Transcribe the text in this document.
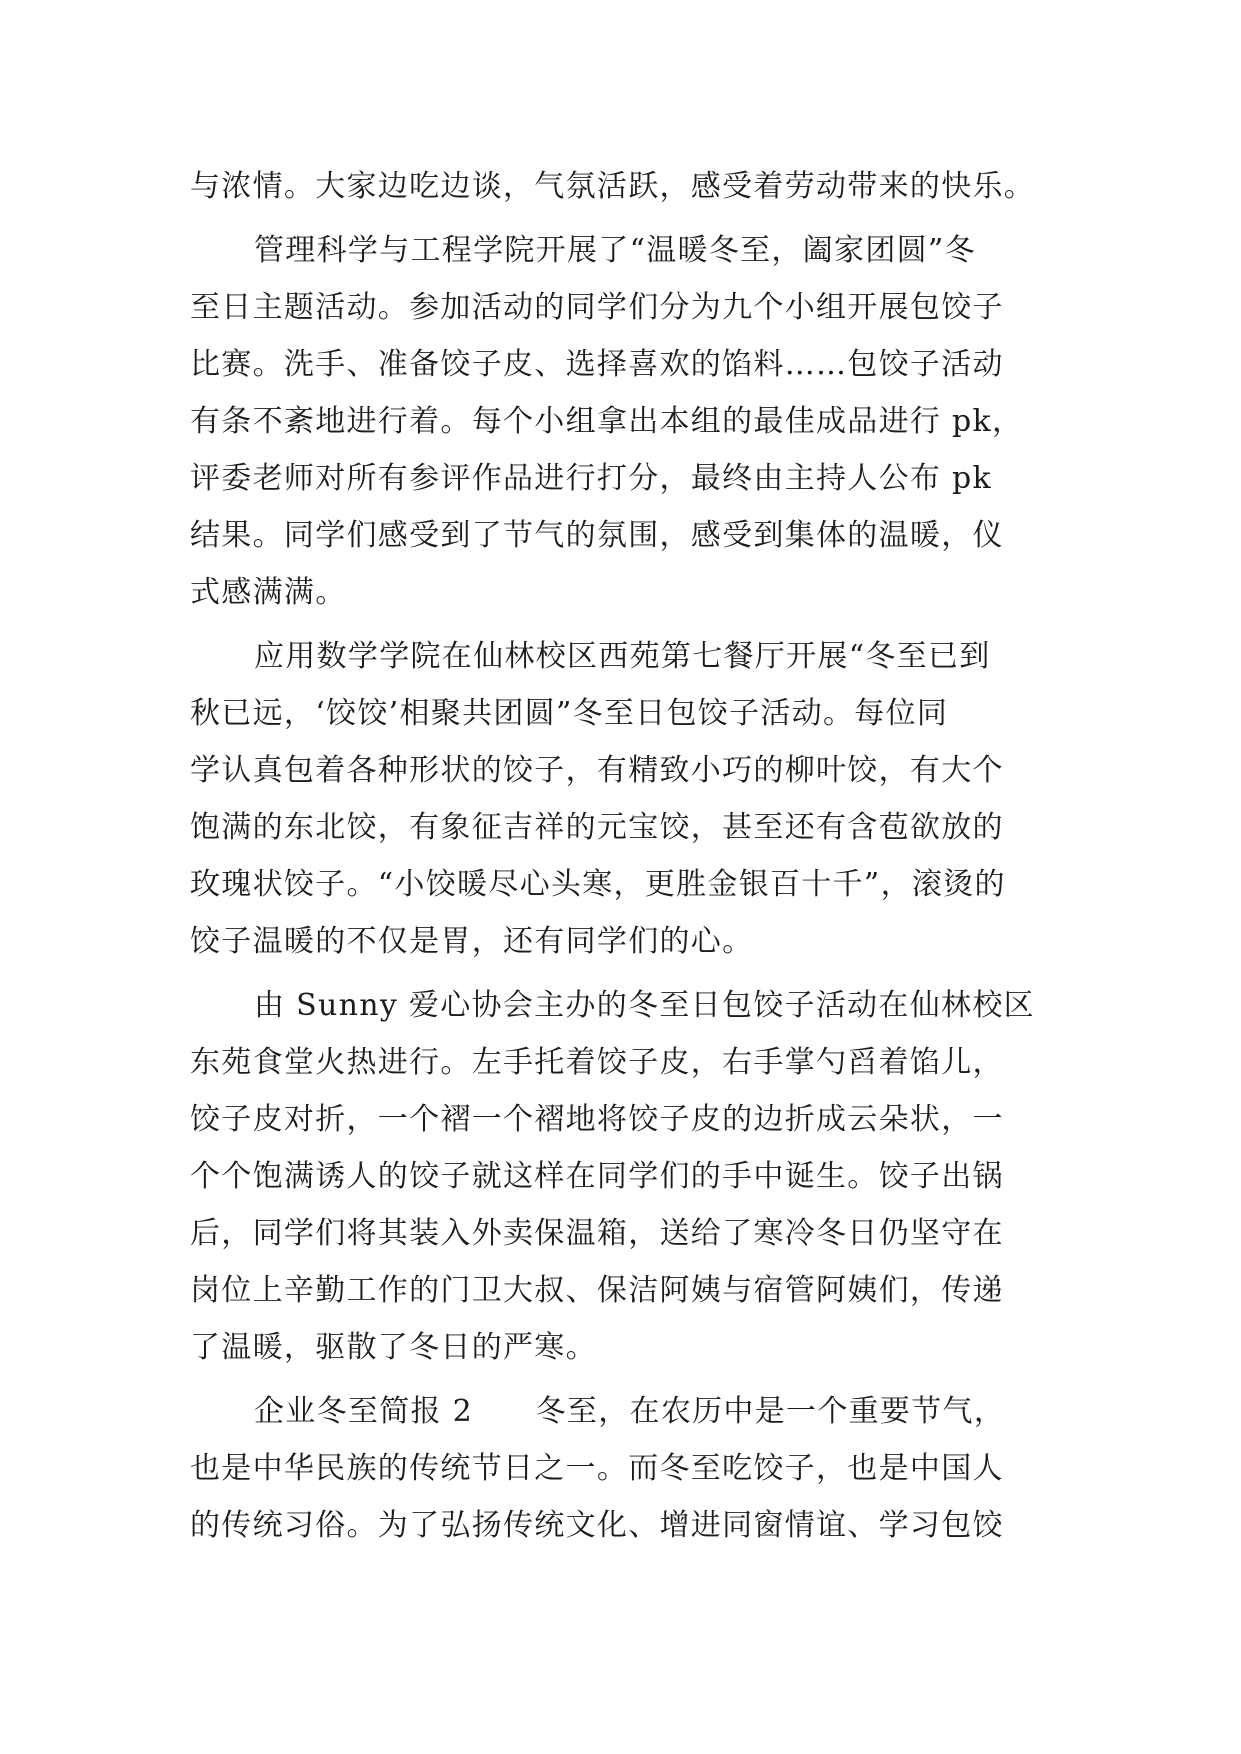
与浓情。大家边吃边谈，气氛活跃，感受着劳动带来的快乐。
管理科学与工程学院开展了“温暖冬至，阖家团圆”冬
至日主题活动。参加活动的同学们分为九个小组开展包饺子
比赛。洗手、准备饺子皮、选择喜欢的馅料……包饺子活动
有条不紊地进行着。每个小组拿出本组的最佳成品进行 pk，
评委老师对所有参评作品进行打分，最终由主持人公布 pk
结果。同学们感受到了节气的氛围，感受到集体的温暖，仪
式感满满。
应用数学学院在仙林校区西苑第七餐厅开展“冬至已到
秋已远，‘饺饺’相聚共团圆”冬至日包饺子活动。每位同
学认真包着各种形状的饺子，有精致小巧的柳叶饺，有大个
饱满的东北饺，有象征吉祥的元宝饺，甚至还有含苞欲放的
玫瑰状饺子。“小饺暖尽心头寒，更胜金银百十千”，滚烫的
饺子温暖的不仅是胃，还有同学们的心。
由 Sunny 爱心协会主办的冬至日包饺子活动在仙林校区
东苑食堂火热进行。左手托着饺子皮，右手掌勺舀着馅儿，
饺子皮对折，一个褶一个褶地将饺子皮的边折成云朵状，一
个个饱满诱人的饺子就这样在同学们的手中诞生。饺子出锅
后，同学们将其装入外卖保温箱，送给了寒冷冬日仍坚守在
岗位上辛勤工作的门卫大叔、保洁阿姨与宿管阿姨们，传递
了温暖，驱散了冬日的严寒。
企业冬至简报 2　　冬至，在农历中是一个重要节气，
也是中华民族的传统节日之一。而冬至吃饺子，也是中国人
的传统习俗。为了弘扬传统文化、增进同窗情谊、学习包饺
